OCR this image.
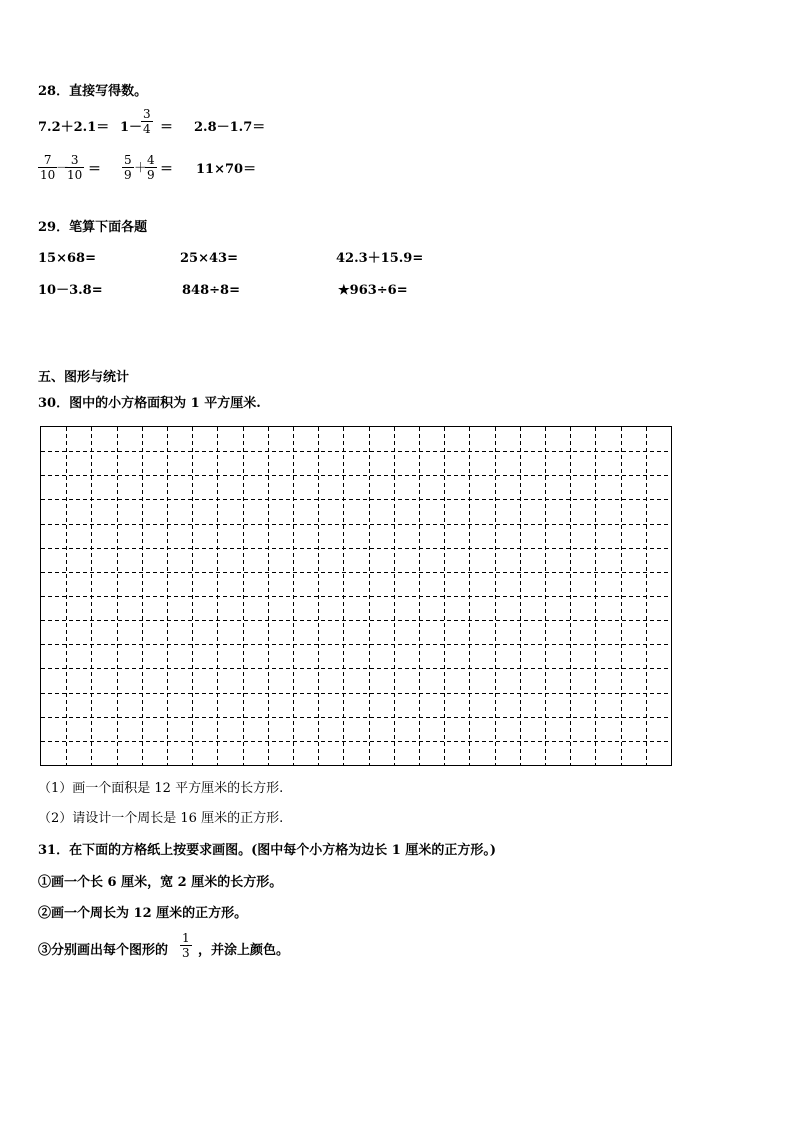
28．直接写得数。
7.2＋2.1＝ 1－
3
4 ＝ 2.8－1.7＝
7
10 －
3
10 ＝
5
9 ＋
4
9 ＝ 11×70＝
29．笔算下面各题
15×68=	25×43=	42.3＋15.9=
10－3.8=	848÷8=	★963÷6=
五、图形与统计
30．图中的小方格面积为 1 平方厘米.
（1）画一个面积是 12 平方厘米的长方形.
（2）请设计一个周长是 16 厘米的正方形.
31．在下面的方格纸上按要求画图。(图中每个小方格为边长 1 厘米的正方形。)
①画一个长 6 厘米，宽 2 厘米的长方形。
②画一个周长为 12 厘米的正方形。
③分别画出每个图形的
1
3 ，并涂上颜色。
